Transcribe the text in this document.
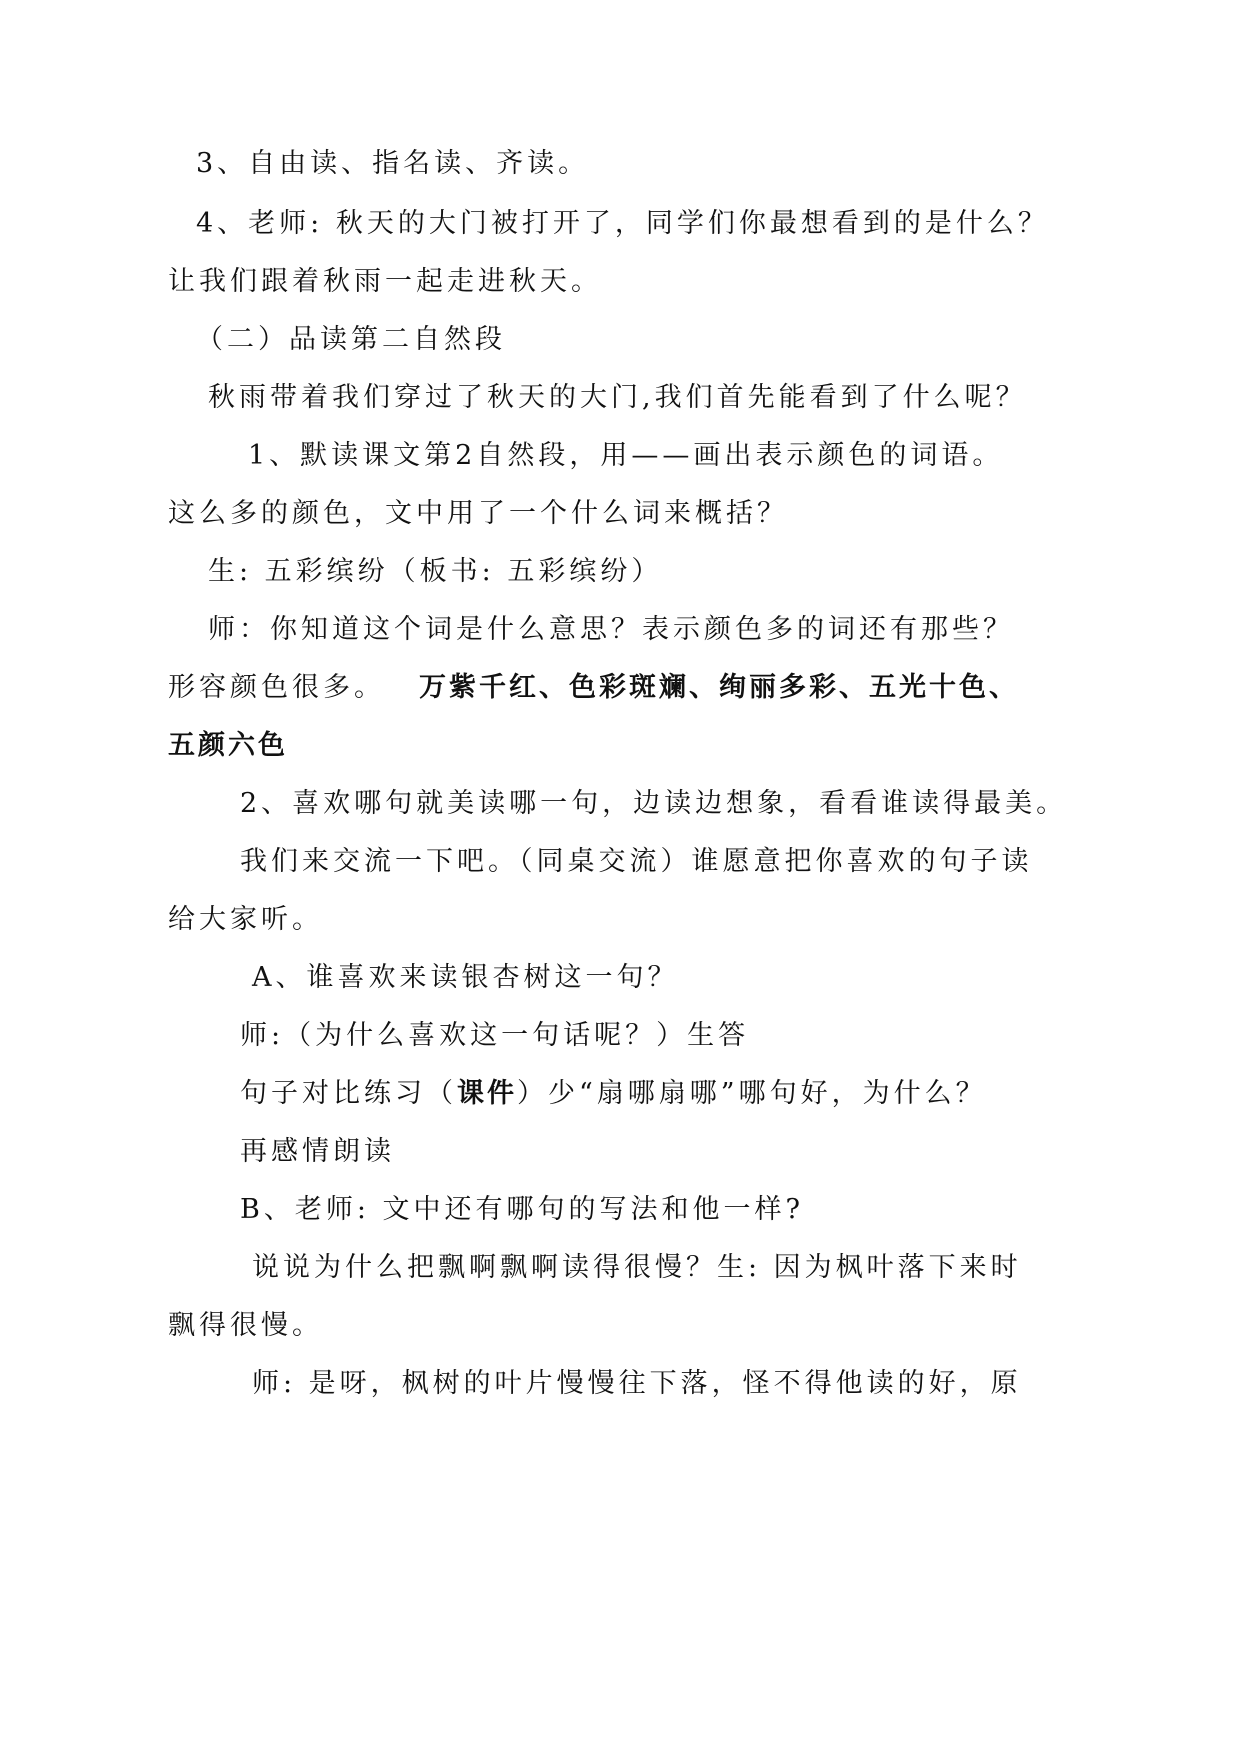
3、自由读、指名读、齐读。
4、老师: 秋天的大门被打开了，同学们你最想看到的是什么？
让我们跟着秋雨一起走进秋天。
（二）品读第二自然段
秋雨带着我们穿过了秋天的大门,我们首先能看到了什么呢？
1、默读课文第2自然段，用——画出表示颜色的词语。
这么多的颜色，文中用了一个什么词来概括？
生: 五彩缤纷（板书: 五彩缤纷）
师：你知道这个词是什么意思？表示颜色多的词还有那些？
形容颜色很多。 万紫千红、色彩斑斓、绚丽多彩、五光十色、
五颜六色
2、喜欢哪句就美读哪一句，边读边想象，看看谁读得最美。
我们来交流一下吧。（同桌交流）谁愿意把你喜欢的句子读
给大家听。
A、谁喜欢来读银杏树这一句？
师:（为什么喜欢这一句话呢？）生答
句子对比练习（课件）少“扇哪扇哪”哪句好，为什么？
再感情朗读
B、老师: 文中还有哪句的写法和他一样?
说说为什么把飘啊飘啊读得很慢？生: 因为枫叶落下来时
飘得很慢。
师: 是呀，枫树的叶片慢慢往下落，怪不得他读的好，原
